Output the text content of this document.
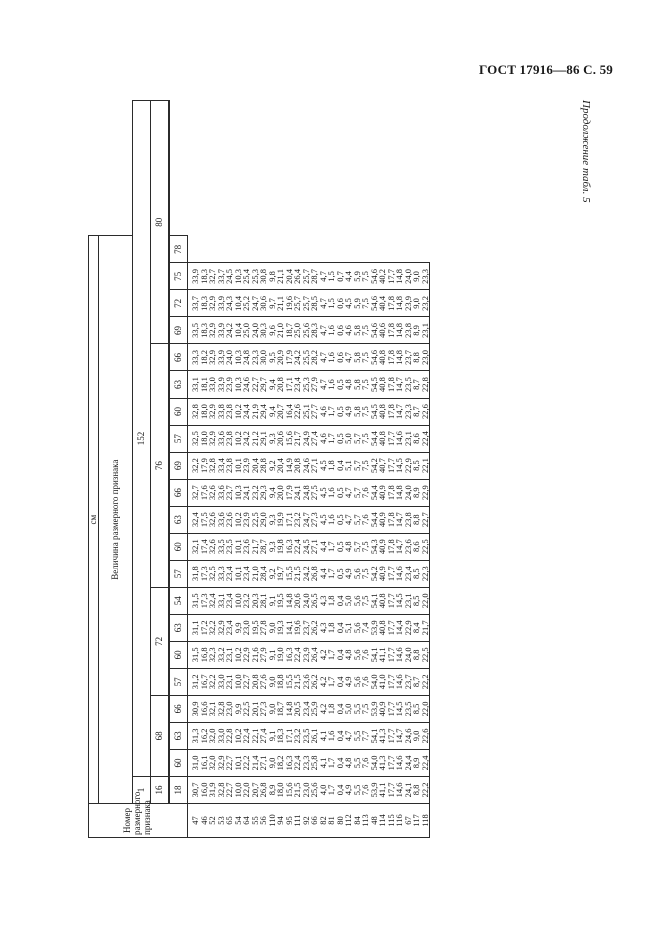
ГОСТ 17916—86 С. 59
Продолжение табл. 5
Номер размерного признака	см																				
	Величина размерного признака																				
	1	152																			
	16	68			72				76									80			

	18	60	63	66	57	60	63	54	57	60	63	66	69	57	60	63	66	69	72	75	78
47	30,7	31,0	31,3	30,9	31,2	31,5	31,1	31,5	31,8	32,1	32,4	32,7	32,2	32,5	32,8	33,1	33,3	33,5	33,7	33,9	
46	16,0	16,1	16,2	16,6	16,7	16,8	17,2	17,3	17,3	17,4	17,5	17,6	17,9	18,0	18,0	18,1	18,2	18,3	18,3	18,3	
52	31,9	32,0	32,0	32,1	32,2	32,3	32,2	32,4	32,5	32,6	32,6	32,6	32,8	32,9	32,9	33,0	32,9	32,9	32,9	32,7	
53	32,8	32,9	33,0	32,8	33,0	33,2	32,9	33,1	33,3	33,5	33,6	33,6	33,4	33,6	33,8	33,9	33,9	33,9	33,9	33,7	
65	22,7	22,7	22,8	23,0	23,1	23,1	23,4	23,4	23,4	23,5	23,6	23,7	23,8	23,8	23,8	23,9	24,0	24,2	24,3	24,5	
54	10,0	10,1	10,2	9,9	10,0	10,2	9,9	10,0	10,1	10,1	10,2	10,3	10,1	10,2	10,2	10,3	10,3	10,4	10,4	10,3	
64	22,0	22,2	22,4	22,5	22,7	22,9	23,0	23,2	23,4	23,6	23,9	24,1	23,9	24,2	24,4	24,6	24,8	25,0	25,2	25,4	
55	20,7	21,4	22,1	20,1	20,8	21,6	19,5	20,3	21,0	21,7	22,5	23,2	20,4	21,2	21,9	22,7	23,3	24,0	24,7	25,3	
56	26,8	27,1	27,4	27,3	27,6	27,9	27,8	28,1	28,4	28,7	29,0	29,3	28,8	29,1	29,4	29,7	30,0	30,3	30,6	30,8	
110	8,9	9,0	9,1	9,0	9,0	9,1	9,0	9,1	9,2	9,3	9,3	9,4	9,2	9,3	9,4	9,4	9,5	9,6	9,7	9,8	
94	18,0	18,2	18,3	18,7	18,8	19,0	19,3	19,5	19,7	19,8	19,9	20,0	20,4	20,6	20,7	20,8	20,9	21,0	21,1	21,1	
95	15,6	16,3	17,1	14,8	15,5	16,3	14,1	14,8	15,5	16,3	17,1	17,9	14,9	15,6	16,4	17,1	17,9	18,7	19,6	20,4	
111	21,5	22,4	23,2	20,5	21,5	22,4	19,6	20,6	21,5	22,4	23,2	24,1	20,8	21,7	22,6	23,4	24,2	25,0	25,7	26,4	
92	23,0	23,3	23,5	23,4	23,6	23,9	23,7	24,0	24,2	24,5	24,7	24,8	24,6	24,9	25,1	25,3	25,5	25,6	25,7	25,7	
66	25,6	25,8	26,1	25,9	26,2	26,4	26,2	26,5	26,8	27,1	27,3	27,5	27,1	27,4	27,7	27,9	28,2	28,3	28,5	28,7	
82	4,0	4,1	4,1	4,2	4,2	4,2	4,3	4,3	4,4	4,4	4,5	4,5	4,5	4,6	4,6	4,7	4,7	4,7	4,7	4,7	
81	1,7	1,7	1,6	1,8	1,7	1,7	1,8	1,8	1,7	1,7	1,6	1,6	1,8	1,7	1,7	1,6	1,6	1,6	1,5	1,5	
80	0,4	0,4	0,4	0,4	0,4	0,4	0,4	0,4	0,5	0,5	0,5	0,5	0,4	0,5	0,5	0,5	0,6	0,6	0,6	0,7	
112	4,9	4,8	4,7	5,0	4,9	4,8	5,1	5,0	4,9	4,8	4,7	4,7	5,1	5,0	4,9	4,8	4,7	4,6	4,5	4,4	
84	5,5	5,5	5,5	5,5	5,6	5,6	5,6	5,6	5,6	5,7	5,7	5,7	5,7	5,7	5,8	5,8	5,8	5,8	5,9	5,9	
113	7,6	7,6	7,7	7,5	7,6	7,6	7,4	7,5	7,5	7,5	7,6	7,6	7,5	7,5	7,5	7,5	7,5	7,5	7,5	7,5	
48	53,9	54,0	54,1	53,9	54,0	54,1	53,9	54,1	54,2	54,3	54,4	54,4	54,2	54,4	54,5	54,5	54,6	54,6	54,6	54,6	
114	41,1	41,3	41,3	40,9	41,0	41,1	40,8	40,8	40,9	40,9	40,9	40,9	40,7	40,8	40,8	40,8	40,8	40,6	40,4	40,2	
115	17,7	17,7	17,7	17,7	17,7	17,7	17,7	17,7	17,7	17,8	17,8	17,8	17,7	17,7	17,8	17,8	17,8	17,8	17,8	17,7	
116	14,6	14,6	14,7	14,5	14,6	14,6	14,4	14,5	14,6	14,7	14,7	14,8	14,5	14,6	14,7	14,7	14,8	14,8	14,8	14,8	
67	24,1	24,4	24,6	23,5	23,7	24,0	22,9	23,1	23,4	23,6	23,8	24,0	22,9	23,1	23,3	23,5	23,7	23,8	23,9	24,0	
117	8,8	8,9	9,0	8,5	8,7	8,8	8,4	8,5	8,5	8,6	8,8	8,9	8,5	8,6	8,7	8,7	8,8	8,9	9,0	9,0	
118	22,2	22,4	22,6	22,0	22,2	22,5	21,7	22,0	22,3	22,5	22,7	22,9	22,1	22,4	22,6	22,8	23,0	23,1	23,2	23,3	
